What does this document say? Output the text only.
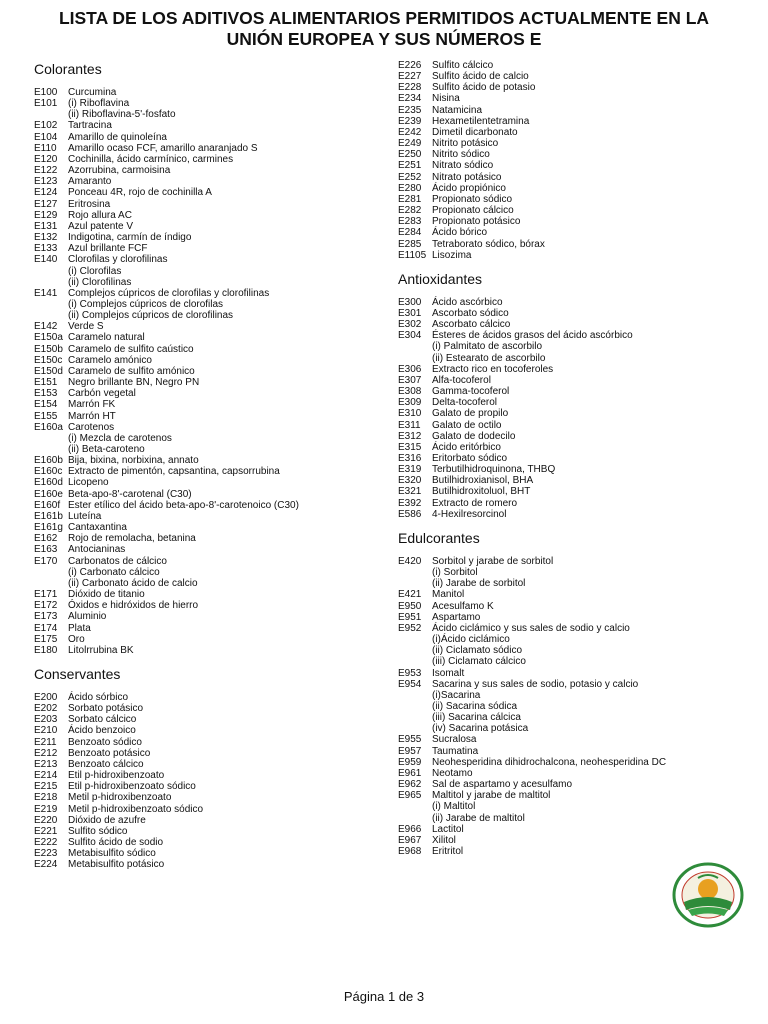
LISTA DE LOS ADITIVOS ALIMENTARIOS PERMITIDOS ACTUALMENTE EN LA
UNIÓN EUROPEA Y SUS NÚMEROS E
Colorantes
E100	Curcumina
E101	(i) Riboflavina
(ii) Riboflavina-5'-fosfato
E102	Tartracina
E104	Amarillo de quinoleína
E110	Amarillo ocaso FCF, amarillo anaranjado S
E120	Cochinilla, ácido carmínico, carmines
E122	Azorrubina, carmoisina
E123	Amaranto
E124	Ponceau 4R, rojo de cochinilla A
E127	Eritrosina
E129	Rojo allura AC
E131	Azul patente V
E132	Indigotina, carmín de índigo
E133	Azul brillante FCF
E140	Clorofilas y clorofilinas
(i) Clorofilas
(ii) Clorofilinas
E141	Complejos cúpricos de clorofilas y clorofilinas
(i) Complejos cúpricos de clorofilas
(ii) Complejos cúpricos de clorofilinas
E142	Verde S
E150a Caramelo natural
E150b Caramelo de sulfito caústico
E150c Caramelo amónico
E150d Caramelo de sulfito amónico
E151	Negro brillante BN, Negro PN
E153	Carbón vegetal
E154	Marrón FK
E155	Marrón HT
E160a Carotenos
(i) Mezcla de carotenos
(ii) Beta-caroteno
E160b Bija, bixina, norbixina, annato
E160c Extracto de pimentón, capsantina, capsorrubina
E160d Licopeno
E160e Beta-apo-8'-carotenal (C30)
E160f Ester etílico del ácido beta-apo-8'-carotenoico (C30)
E161b Luteína
E161g Cantaxantina
E162	Rojo de remolacha, betanina
E163	Antocianinas
E170	Carbonatos de cálcico
(i) Carbonato cálcico
(ii) Carbonato ácido de calcio
E171	Dióxido de titanio
E172	Óxidos e hidróxidos de hierro
E173	Aluminio
E174	Plata
E175	Oro
E180	Litolrrubina BK
Conservantes
E200	Ácido sórbico
E202	Sorbato potásico
E203	Sorbato cálcico
E210	Ácido benzoico
E211	Benzoato sódico
E212	Benzoato potásico
E213	Benzoato cálcico
E214	Etil p-hidroxibenzoato
E215	Etil p-hidroxibenzoato sódico
E218	Metil p-hidroxibenzoato
E219	Metil p-hidroxibenzoato sódico
E220	Dióxido de azufre
E221	Sulfito sódico
E222	Sulfito ácido de sodio
E223	Metabisulfito sódico
E224	Metabisulfito potásico
E226	Sulfito cálcico
E227	Sulfito ácido de calcio
E228	Sulfito ácido de potasio
E234	Nisina
E235	Natamicina
E239	Hexametilentetramina
E242	Dimetil dicarbonato
E249	Nitrito potásico
E250	Nitrito sódico
E251	Nitrato sódico
E252	Nitrato potásico
E280	Ácido propiónico
E281	Propionato sódico
E282	Propionato cálcico
E283	Propionato potásico
E284	Ácido bórico
E285	Tetraborato sódico, bórax
E1105 Lisozima
Antioxidantes
E300	Ácido ascórbico
E301	Ascorbato sódico
E302	Ascorbato cálcico
E304	Ésteres de ácidos grasos del ácido ascórbico
(i) Palmitato de ascorbilo
(ii) Estearato de ascorbilo
E306	Extracto rico en tocoferoles
E307	Alfa-tocoferol
E308	Gamma-tocoferol
E309	Delta-tocoferol
E310	Galato de propilo
E311	Galato de octilo
E312	Galato de dodecilo
E315	Ácido eritórbico
E316	Eritorbato sódico
E319	Terbutilhidroquinona, THBQ
E320	Butilhidroxianisol, BHA
E321	Butilhidroxitoluol, BHT
E392	Extracto de romero
E586	4-Hexilresorcinol
Edulcorantes
E420	Sorbitol y jarabe de sorbitol
(i) Sorbitol
(ii) Jarabe de sorbitol
E421	Manitol
E950	Acesulfamo K
E951	Aspartamo
E952	Ácido ciclámico y sus sales de sodio y calcio
(i)Ácido ciclámico
(ii) Ciclamato sódico
(iii) Ciclamato cálcico
E953	Isomalt
E954	Sacarina y sus sales de sodio, potasio y calcio
(i)Sacarina
(ii) Sacarina sódica
(iii) Sacarina cálcica
(iv) Sacarina potásica
E955	Sucralosa
E957	Taumatina
E959	Neohesperidina dihidrochalcona, neohesperidina DC
E961	Neotamo
E962	Sal de aspartamo y acesulfamo
E965	Maltitol y jarabe de maltitol
(i) Maltitol
(ii) Jarabe de maltitol
E966	Lactitol
E967	Xilitol
E968	Eritritol
Página 1 de 3
